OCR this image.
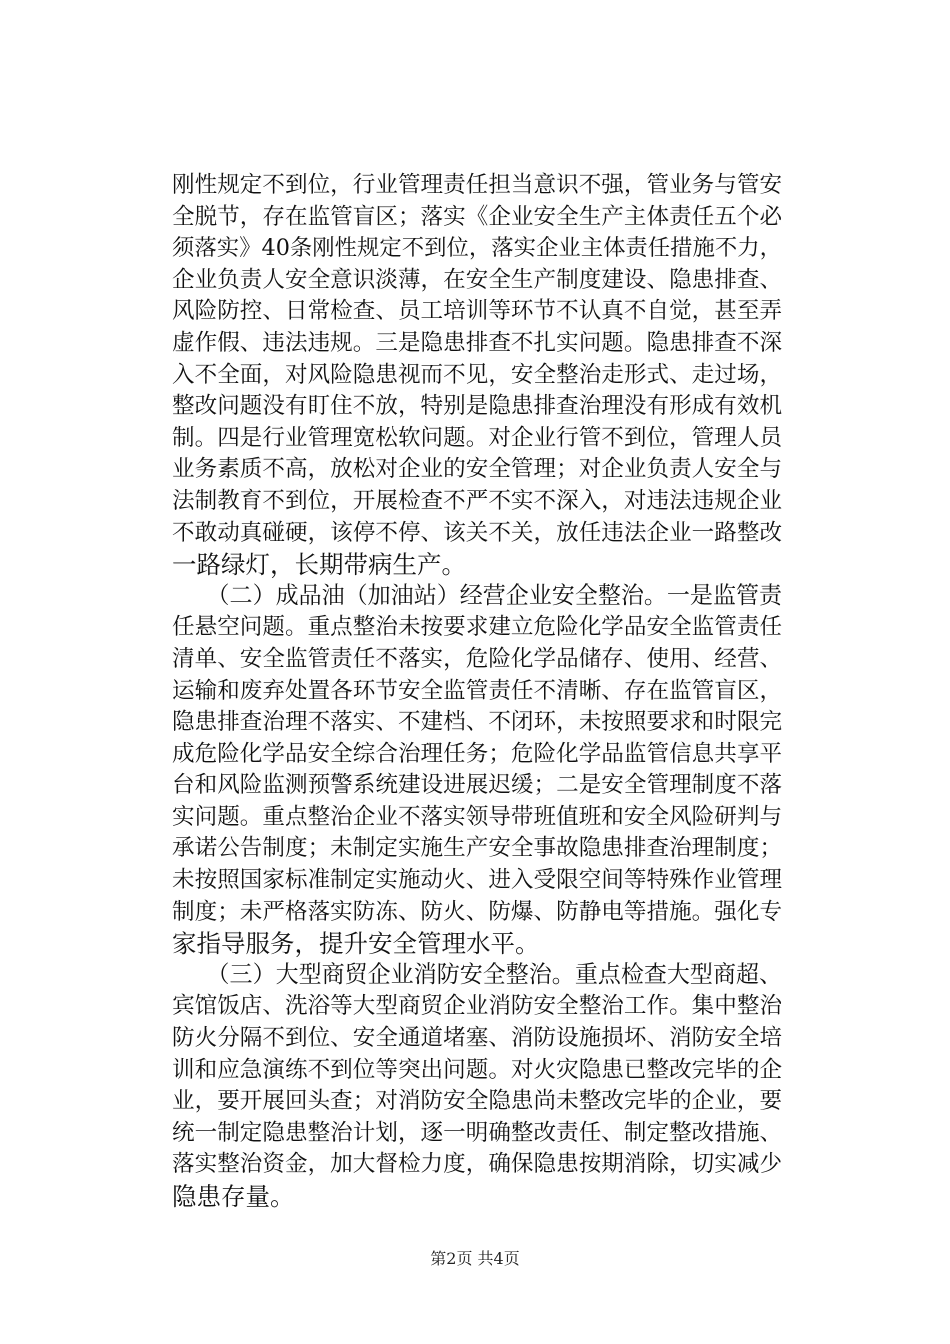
刚性规定不到位，行业管理责任担当意识不强，管业务与管安
全脱节，存在监管盲区；落实《企业安全生产主体责任五个必
须落实》40条刚性规定不到位，落实企业主体责任措施不力，
企业负责人安全意识淡薄，在安全生产制度建设、隐患排查、
风险防控、日常检查、员工培训等环节不认真不自觉，甚至弄
虚作假、违法违规。三是隐患排查不扎实问题。隐患排查不深
入不全面，对风险隐患视而不见，安全整治走形式、走过场，
整改问题没有盯住不放，特别是隐患排查治理没有形成有效机
制。四是行业管理宽松软问题。对企业行管不到位，管理人员
业务素质不高，放松对企业的安全管理；对企业负责人安全与
法制教育不到位，开展检查不严不实不深入，对违法违规企业
不敢动真碰硬，该停不停、该关不关，放任违法企业一路整改
一路绿灯，长期带病生产。
　　（二）成品油（加油站）经营企业安全整治。一是监管责
任悬空问题。重点整治未按要求建立危险化学品安全监管责任
清单、安全监管责任不落实，危险化学品储存、使用、经营、
运输和废弃处置各环节安全监管责任不清晰、存在监管盲区，
隐患排查治理不落实、不建档、不闭环，未按照要求和时限完
成危险化学品安全综合治理任务；危险化学品监管信息共享平
台和风险监测预警系统建设进展迟缓；二是安全管理制度不落
实问题。重点整治企业不落实领导带班值班和安全风险研判与
承诺公告制度；未制定实施生产安全事故隐患排查治理制度；
未按照国家标准制定实施动火、进入受限空间等特殊作业管理
制度；未严格落实防冻、防火、防爆、防静电等措施。强化专
家指导服务，提升安全管理水平。
　　（三）大型商贸企业消防安全整治。重点检查大型商超、
宾馆饭店、洗浴等大型商贸企业消防安全整治工作。集中整治
防火分隔不到位、安全通道堵塞、消防设施损坏、消防安全培
训和应急演练不到位等突出问题。对火灾隐患已整改完毕的企
业，要开展回头查；对消防安全隐患尚未整改完毕的企业，要
统一制定隐患整治计划，逐一明确整改责任、制定整改措施、
落实整治资金，加大督检力度，确保隐患按期消除，切实减少
隐患存量。
第2页 共4页
